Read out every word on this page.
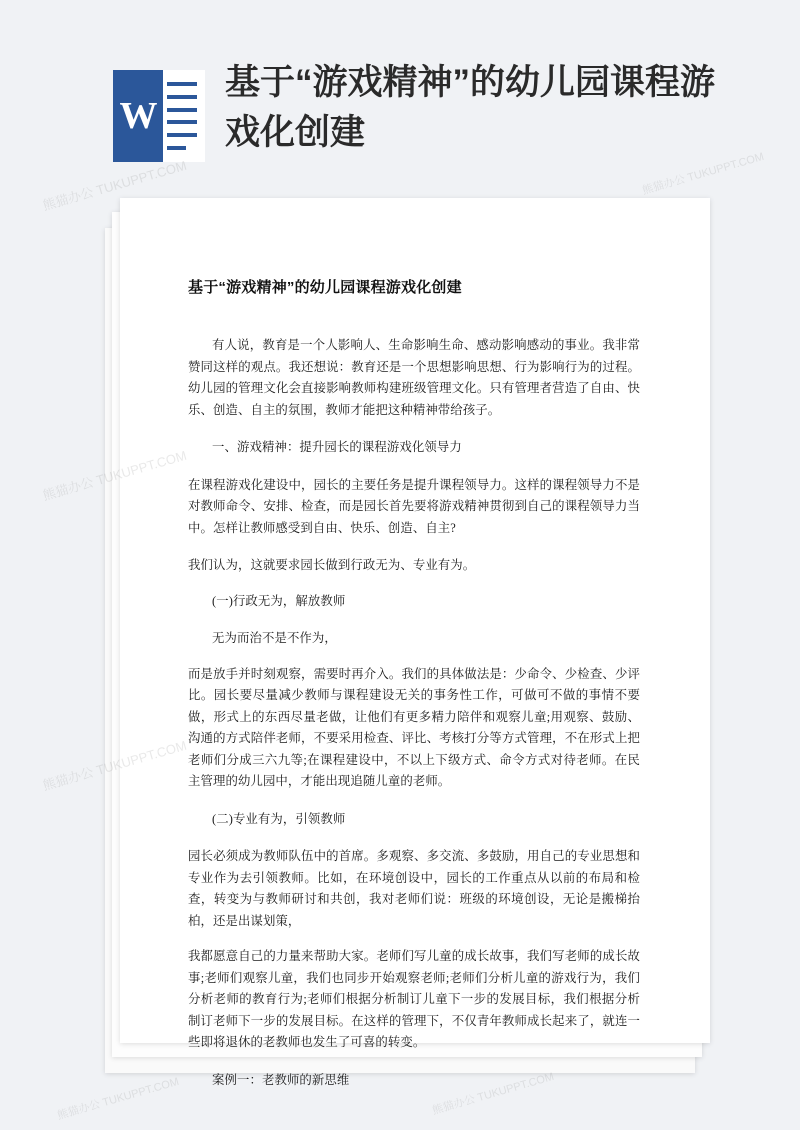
W
基于“游戏精神”的幼儿园课程游戏化创建
基于“游戏精神”的幼儿园课程游戏化创建

有人说，教育是一个人影响人、生命影响生命、感动影响感动的事业。我非常赞同这样的观点。我还想说：教育还是一个思想影响思想、行为影响行为的过程。幼儿园的管理文化会直接影响教师构建班级管理文化。只有管理者营造了自由、快乐、创造、自主的氛围，教师才能把这种精神带给孩子。

一、游戏精神：提升园长的课程游戏化领导力

在课程游戏化建设中，园长的主要任务是提升课程领导力。这样的课程领导力不是对教师命令、安排、检查，而是园长首先要将游戏精神贯彻到自己的课程领导力当中。怎样让教师感受到自由、快乐、创造、自主?

我们认为，这就要求园长做到行政无为、专业有为。

(一)行政无为，解放教师

无为而治不是不作为，

而是放手并时刻观察，需要时再介入。我们的具体做法是：少命令、少检查、少评比。园长要尽量减少教师与课程建设无关的事务性工作，可做可不做的事情不要做，形式上的东西尽量老做，让他们有更多精力陪伴和观察儿童;用观察、鼓励、沟通的方式陪伴老师，不要采用检查、评比、考核打分等方式管理，不在形式上把老师们分成三六九等;在课程建设中，不以上下级方式、命令方式对待老师。在民主管理的幼儿园中，才能出现追随儿童的老师。

(二)专业有为，引领教师

园长必须成为教师队伍中的首席。多观察、多交流、多鼓励，用自己的专业思想和专业作为去引领教师。比如，在环境创设中，园长的工作重点从以前的布局和检查，转变为与教师研讨和共创，我对老师们说：班级的环境创设，无论是搬梯抬柏，还是出谋划策，

我都愿意自己的力量来帮助大家。老师们写儿童的成长故事，我们写老师的成长故事;老师们观察儿童，我们也同步开始观察老师;老师们分析儿童的游戏行为，我们分析老师的教育行为;老师们根据分析制订儿童下一步的发展目标，我们根据分析制订老师下一步的发展目标。在这样的管理下，不仅青年教师成长起来了，就连一些即将退休的老教师也发生了可喜的转变。

案例一：老教师的新思维

熊猫办公 TUKUPPT.COM
熊猫办公
熊猫办公
熊猫办公 TUKUPPT.COM	熊猫办公 TUKUPPT.COM
熊猫办公 TUKUPPT.COM
